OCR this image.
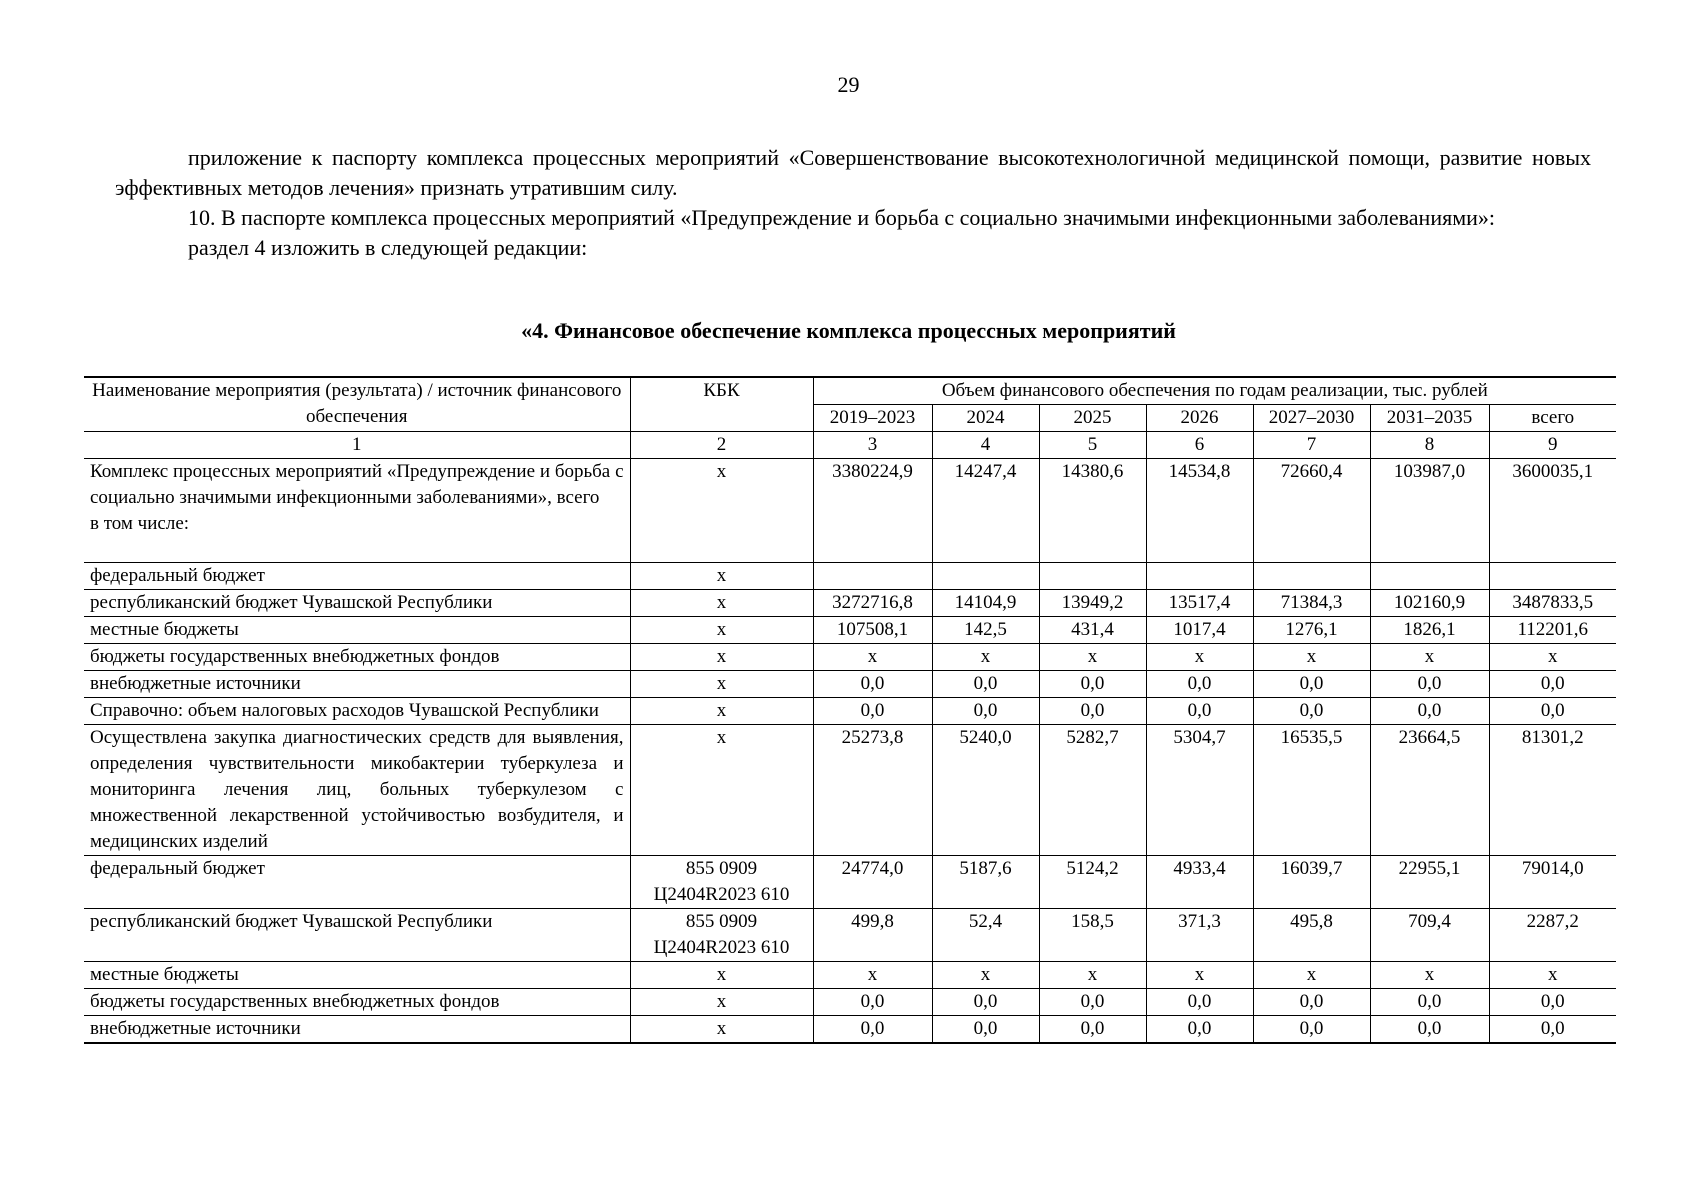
29

приложение к паспорту комплекса процессных мероприятий «Совершенствование высокотехнологичной медицинской помощи, развитие новых эффективных методов лечения» признать утратившим силу.

10. В паспорте комплекса процессных мероприятий «Предупреждение и борьба с социально значимыми инфекционными заболеваниями»:

раздел 4 изложить в следующей редакции:

«4. Финансовое обеспечение комплекса процессных мероприятий
Наименование мероприятия (результата) / источник финансового обеспечения	КБК	Объем финансового обеспечения по годам реализации, тыс. рублей						
		2019–2023	2024	2025	2026	2027–2030	2031–2035	всего
1	2	3	4	5	6	7	8	9

Комплекс процессных мероприятий «Предупреждение и борьба с социально значимыми инфекционными заболеваниями», всего
в том числе:	x	3380224,9	14247,4	14380,6	14534,8	72660,4	103987,0	3600035,1
федеральный бюджет	x							
республиканский бюджет Чувашской Республики	x	3272716,8	14104,9	13949,2	13517,4	71384,3	102160,9	3487833,5
местные бюджеты	x	107508,1	142,5	431,4	1017,4	1276,1	1826,1	112201,6
бюджеты государственных внебюджетных фондов	x	x	x	x	x	x	x	x
внебюджетные источники	x	0,0	0,0	0,0	0,0	0,0	0,0	0,0
Справочно: объем налоговых расходов Чувашской Республики	x	0,0	0,0	0,0	0,0	0,0	0,0	0,0
Осуществлена закупка диагностических средств для выявления, определения чувствительности микобактерии туберкулеза и мониторинга лечения лиц, больных туберкулезом с множественной лекарственной устойчивостью возбудителя, и медицинских изделий	x	25273,8	5240,0	5282,7	5304,7	16535,5	23664,5	81301,2
федеральный бюджет	855 0909 Ц2404R2023 610	24774,0	5187,6	5124,2	4933,4	16039,7	22955,1	79014,0
республиканский бюджет Чувашской Республики	855 0909 Ц2404R2023 610	499,8	52,4	158,5	371,3	495,8	709,4	2287,2
местные бюджеты	x	x	x	x	x	x	x	x
бюджеты государственных внебюджетных фондов	x	0,0	0,0	0,0	0,0	0,0	0,0	0,0
внебюджетные источники	x	0,0	0,0	0,0	0,0	0,0	0,0	0,0
